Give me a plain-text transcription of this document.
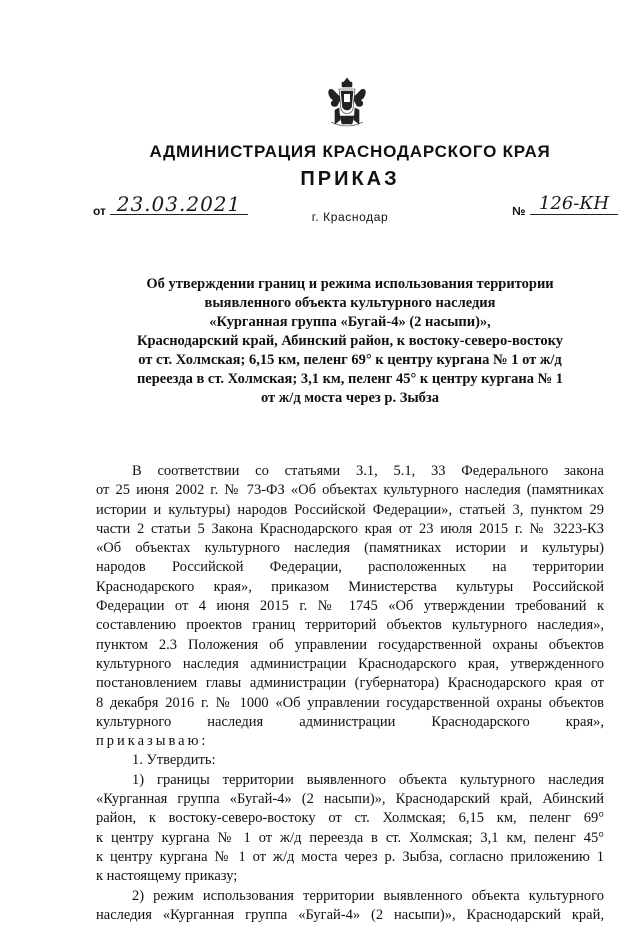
АДМИНИСТРАЦИЯ КРАСНОДАРСКОГО КРАЯ
ПРИКАЗ
от 23.03.2021
г. Краснодар	№ 126-КН
Об утверждении границ и режима использования территории
выявленного объекта культурного наследия
«Курганная группа «Бугай-4» (2 насыпи)»,
Краснодарский край, Абинский район, к востоку-северо-востоку
от ст. Холмская; 6,15 км, пеленг 69° к центру кургана № 1 от ж/д
переезда в ст. Холмская; 3,1 км, пеленг 45° к центру кургана № 1
от ж/д моста через р. Зыбза
В соответствии со статьями 3.1, 5.1, 33 Федерального закона
от 25 июня 2002 г. № 73-ФЗ «Об объектах культурного наследия (памятниках
истории и культуры) народов Российской Федерации», статьей 3, пунктом 29
части 2 статьи 5 Закона Краснодарского края от 23 июля 2015 г. № 3223-КЗ
«Об объектах культурного наследия (памятниках истории и культуры)
народов Российской Федерации, расположенных на территории
Краснодарского края», приказом Министерства культуры Российской
Федерации от 4 июня 2015 г. № 1745 «Об утверждении требований к
составлению проектов границ территорий объектов культурного наследия»,
пунктом 2.3 Положения об управлении государственной охраны объектов
культурного наследия администрации Краснодарского края, утвержденного
постановлением главы администрации (губернатора) Краснодарского края от
8 декабря 2016 г. № 1000 «Об управлении государственной охраны объектов
культурного наследия администрации Краснодарского края»,
приказываю:
1. Утвердить:
1) границы территории выявленного объекта культурного наследия
«Курганная группа «Бугай-4» (2 насыпи)», Краснодарский край, Абинский
район, к востоку-северо-востоку от ст. Холмская; 6,15 км, пеленг 69°
к центру кургана № 1 от ж/д переезда в ст. Холмская; 3,1 км, пеленг 45°
к центру кургана № 1 от ж/д моста через р. Зыбза, согласно приложению 1
к настоящему приказу;
2) режим использования территории выявленного объекта культурного
наследия «Курганная группа «Бугай-4» (2 насыпи)», Краснодарский край,
